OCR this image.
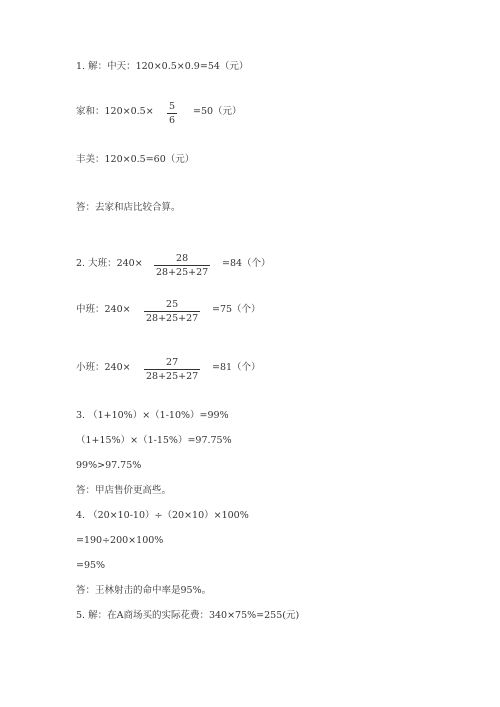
1. 解：中天：120×0.5×0.9=54（元）
家和：$120\times 0.5\times \frac{5}{6} =50$（元）
丰美：120×0.5=60（元）
答：去家和店比较合算。
2. 大班：$240\times \frac{28}{28+25+27} =84$（个）
中班：$240\times \frac{25}{28+25+27} =75$（个）
小班：$240\times \frac{27}{28+25+27} =81$（个）
3. （1+10%）×（1-10%）=99%
（1+15%）×（1-15%）=97.75%
99%>97.75%
答：甲店售价更高些。
4. （20×10-10）÷（20×10）×100%
=190÷200×100%
=95%
答：王林射击的命中率是95%。
5. 解：在A商场买的实际花费：340×75%=255(元)
